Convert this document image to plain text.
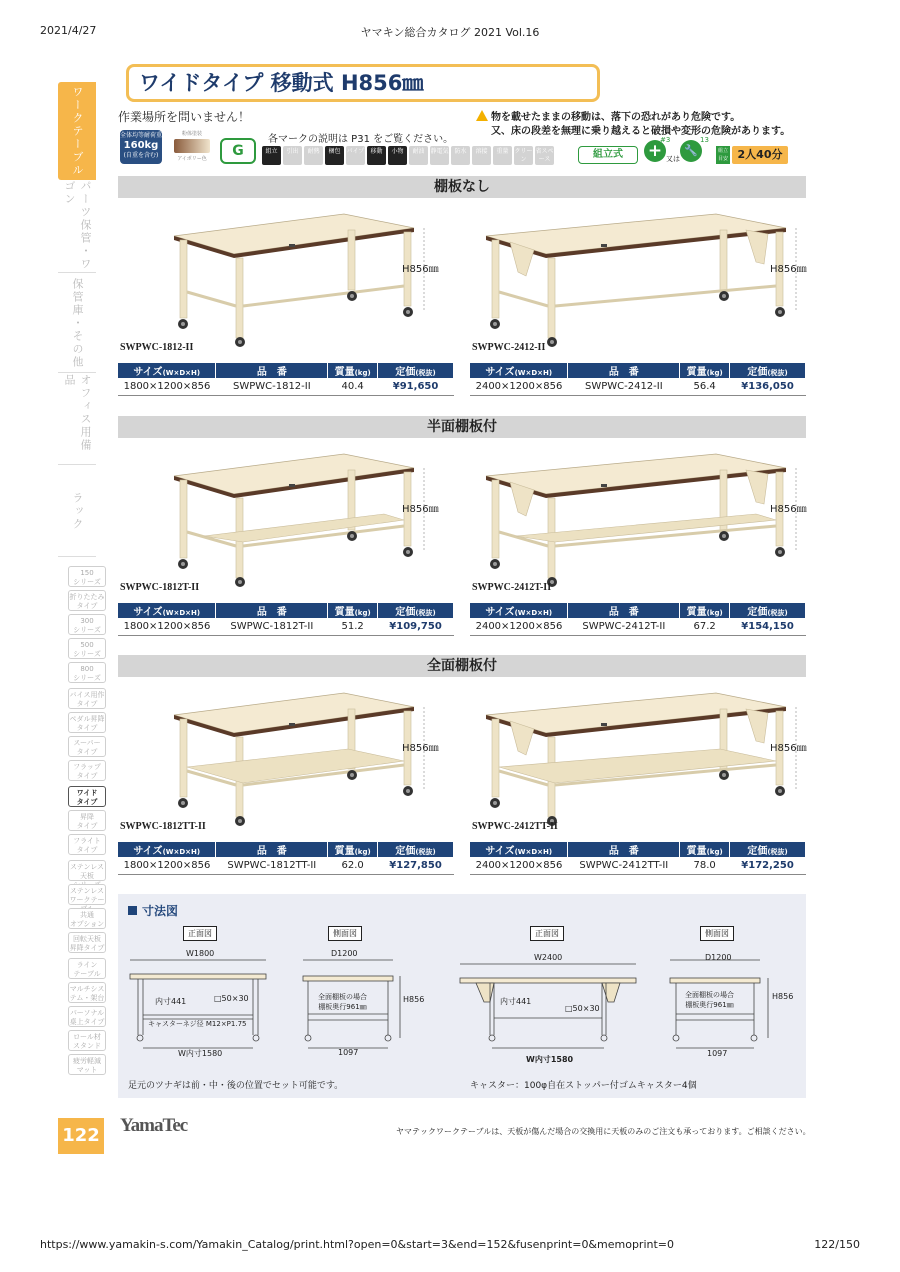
2021/4/27	ヤマキン総合カタログ 2021 Vol.16
https://www.yamakin-s.com/Yamakin_Catalog/print.html?open=0&start=3&end=152&fusenprint=0&memoprint=0	122/150
ワークテーブル
パーツ保管・ワゴン
保管庫・その他
オフィス用備品
ラック
150
シリーズ
折りたたみ
タイプ
300
シリーズ
500
シリーズ
800
シリーズ
バイス用作
タイプ
ペダル昇降
タイプ
スーパー
タイプ
フラップ
タイプ
ワイド
タイプ
昇降
タイプ
フライト
タイプ
ステンレス天板

ステンレス
ワークテー
共通
オプション
回転天板
昇降タイプ
ライン
テーブル
マルチシス
テム・架台
パーソナル
桌上タイプ
ロール材
スタンド
疲労軽減
マット
ワイドタイプ 移動式 H856㎜
作業場所を問いません！	物を載せたままの移動は、落下の恐れがあり危険です。
又、床の段差を無理に乗り越えると破損や変形の危険があります。
全体均等耐荷重
160kg
(自重を含む)
粉体塗装
アイボリー色	G
各マークの説明は P31 をご覧ください。
組立	引出	耐熱	梱包	パイプ	移動	小物	耐油 静電気 防水	溶接	重量 クリーン
省スペース	組立式	+
#3
又は
🔧
13
組立目安 2人40分
棚板なし
H856㎜
SWPWC-1812-II
サイズ(W×D×H)	品　番	質量(kg)	定価(税抜)
1800×1200×856	SWPWC-1812-II	40.4	¥91,650
H856㎜
SWPWC-2412-II
サイズ(W×D×H)	品　番	質量(kg)	定価(税抜)
2400×1200×856	SWPWC-2412-II	56.4	¥136,050
半面棚板付
H856㎜
SWPWC-1812T-II
サイズ(W×D×H)	品　番	質量(kg)	定価(税抜)
1800×1200×856	SWPWC-1812T-II	51.2	¥109,750
H856㎜
SWPWC-2412T-II
サイズ(W×D×H)	品　番	質量(kg)	定価(税抜)
2400×1200×856	SWPWC-2412T-II	67.2	¥154,150
全面棚板付
H856㎜
SWPWC-1812TT-II
サイズ(W×D×H)	品　番	質量(kg)	定価(税抜)
1800×1200×856	SWPWC-1812TT-II	62.0	¥127,850
H856㎜
SWPWC-2412TT-II
サイズ(W×D×H)	品　番	質量(kg)	定価(税抜)
2400×1200×856	SWPWC-2412TT-II	78.0	¥172,250
寸法図
正面図	側面図	正面図	側面図
W1800
内寸441	□50×30
キャスターネジ径 M12×P1.75
W内寸1580
D1200
全面棚板の場合
棚板奥行961㎜
H856
1097
W2400
内寸441
□50×30
W内寸1580
D1200
全面棚板の場合
棚板奥行961㎜
H856
1097
足元のツナギは前・中・後の位置でセット可能です。	キャスター：100φ自在ストッパー付ゴムキャスター4個
122 YamaTec	ヤマテックワークテーブルは、天板が傷んだ場合の交換用に天板のみのご注文も承っております。ご相談ください。
